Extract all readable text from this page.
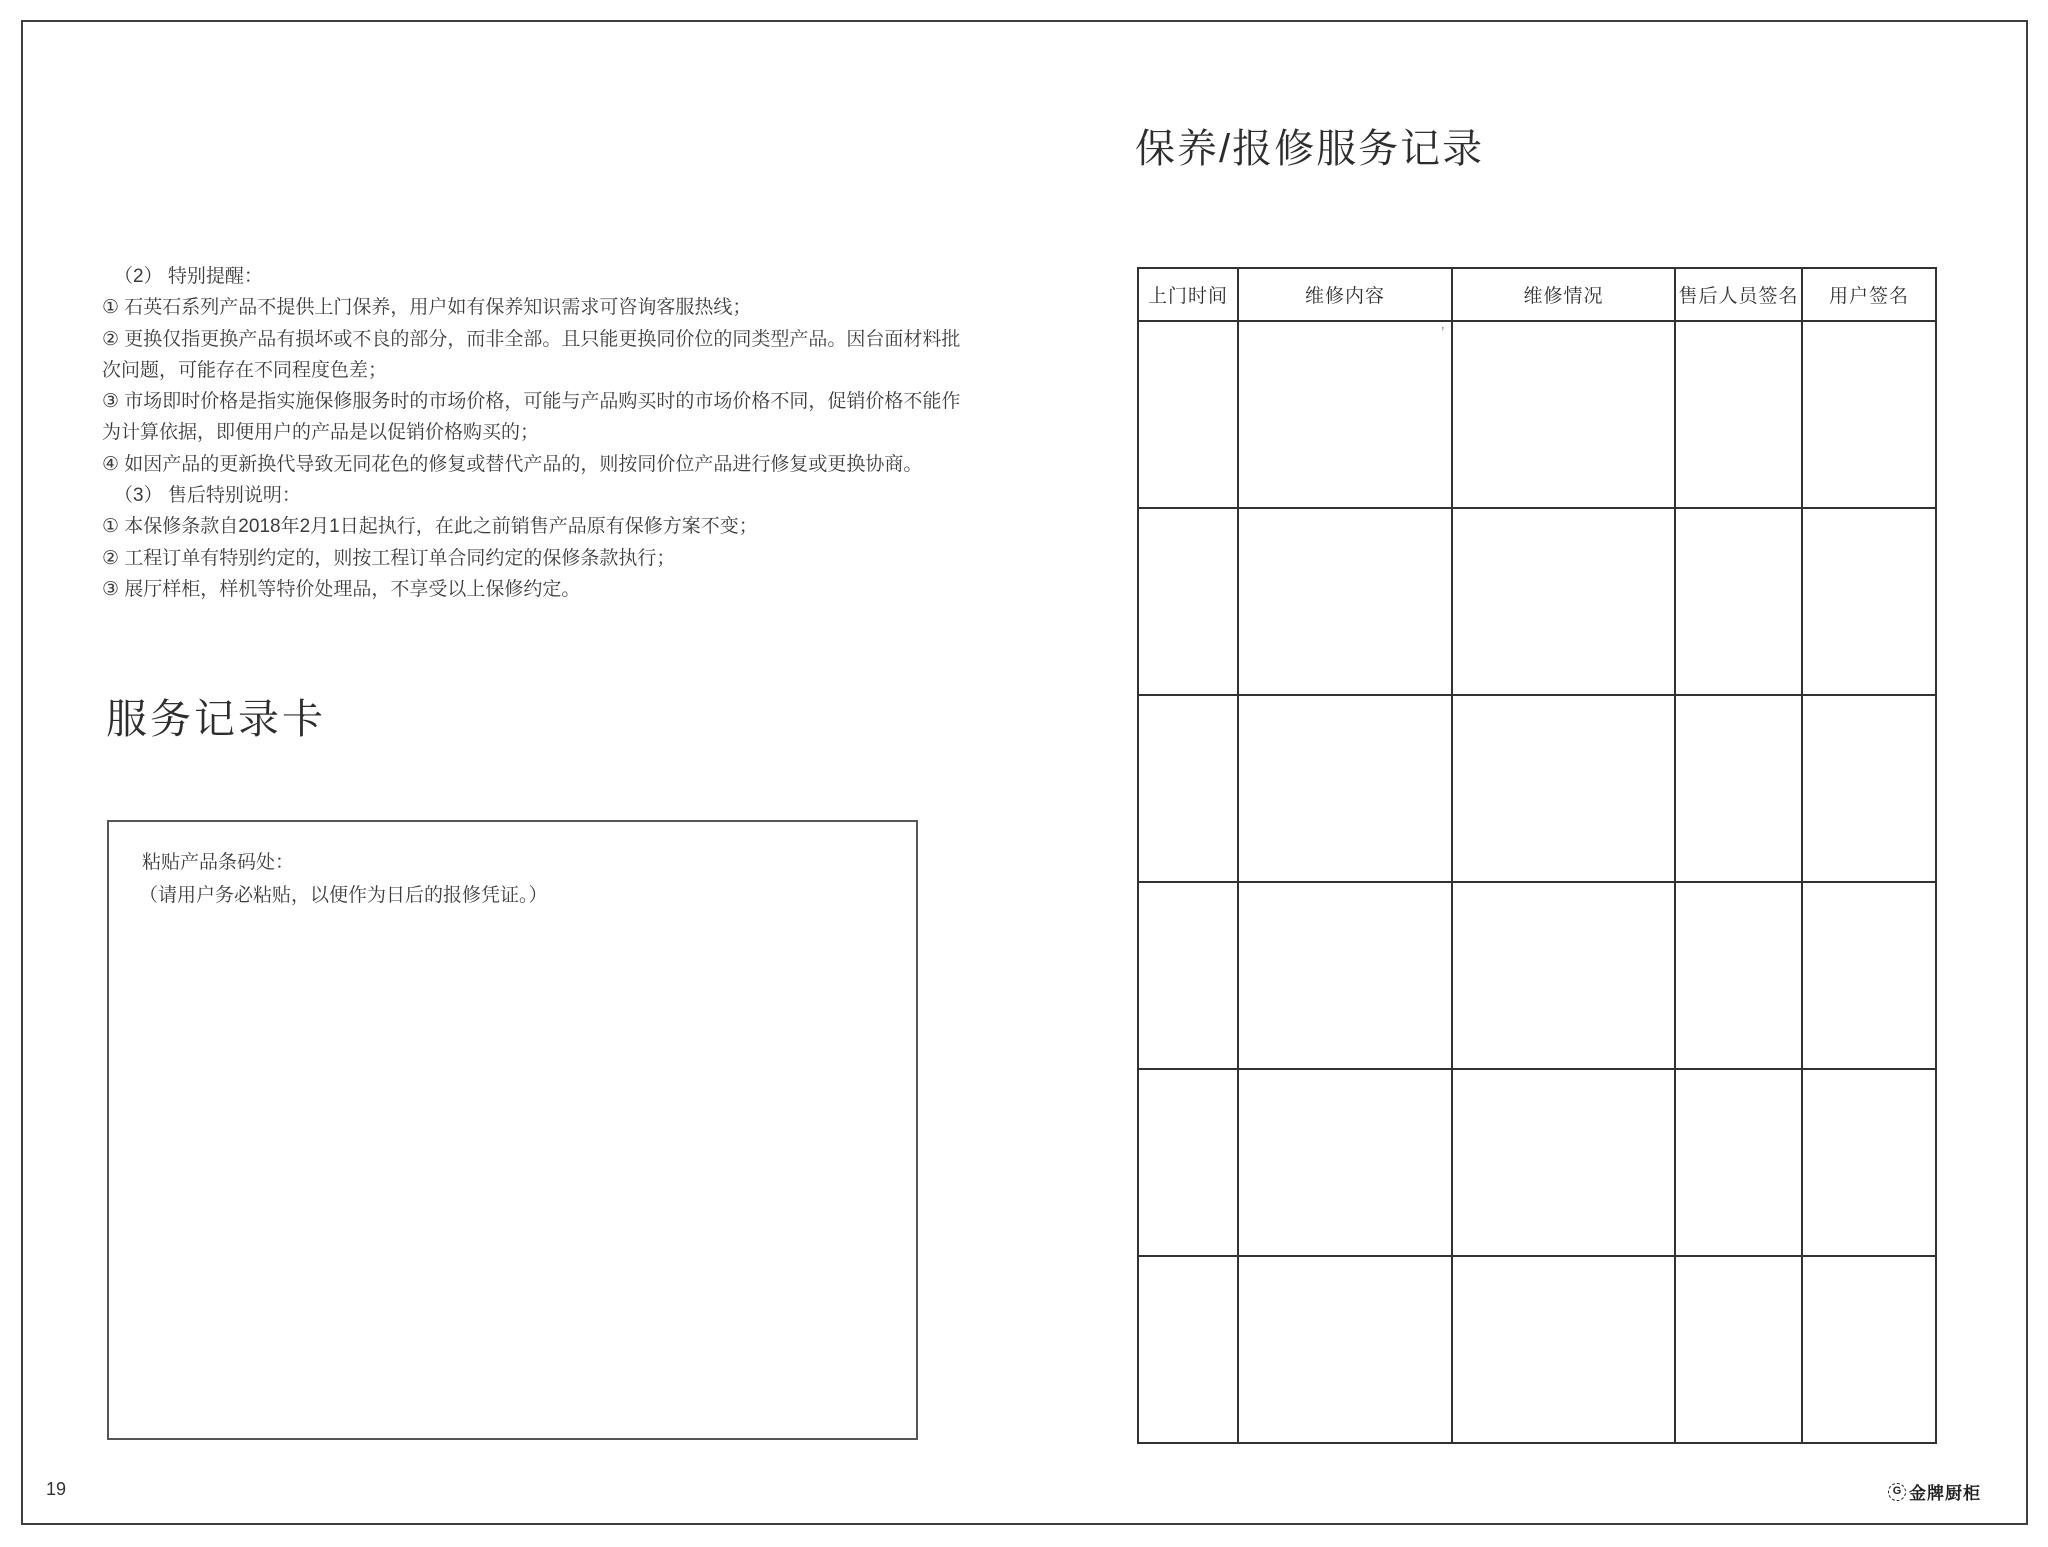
（2） 特别提醒：
① 石英石系列产品不提供上门保养，用户如有保养知识需求可咨询客服热线；
② 更换仅指更换产品有损坏或不良的部分，而非全部。且只能更换同价位的同类型产品。因台面材料批
次问题，可能存在不同程度色差；
③ 市场即时价格是指实施保修服务时的市场价格，可能与产品购买时的市场价格不同，促销价格不能作
为计算依据，即便用户的产品是以促销价格购买的；
④ 如因产品的更新换代导致无同花色的修复或替代产品的，则按同价位产品进行修复或更换协商。
（3） 售后特别说明：
① 本保修条款自2018年2月1日起执行，在此之前销售产品原有保修方案不变；
② 工程订单有特别约定的，则按工程订单合同约定的保修条款执行；
③ 展厅样柜，样机等特价处理品，不享受以上保修约定。
服务记录卡
粘贴产品条码处：
（请用户务必粘贴，以便作为日后的报修凭证。）
保养/报修服务记录
上门时间	维修内容	维修情况	售后人员签名	用户签名

’
19	G 金牌厨柜
